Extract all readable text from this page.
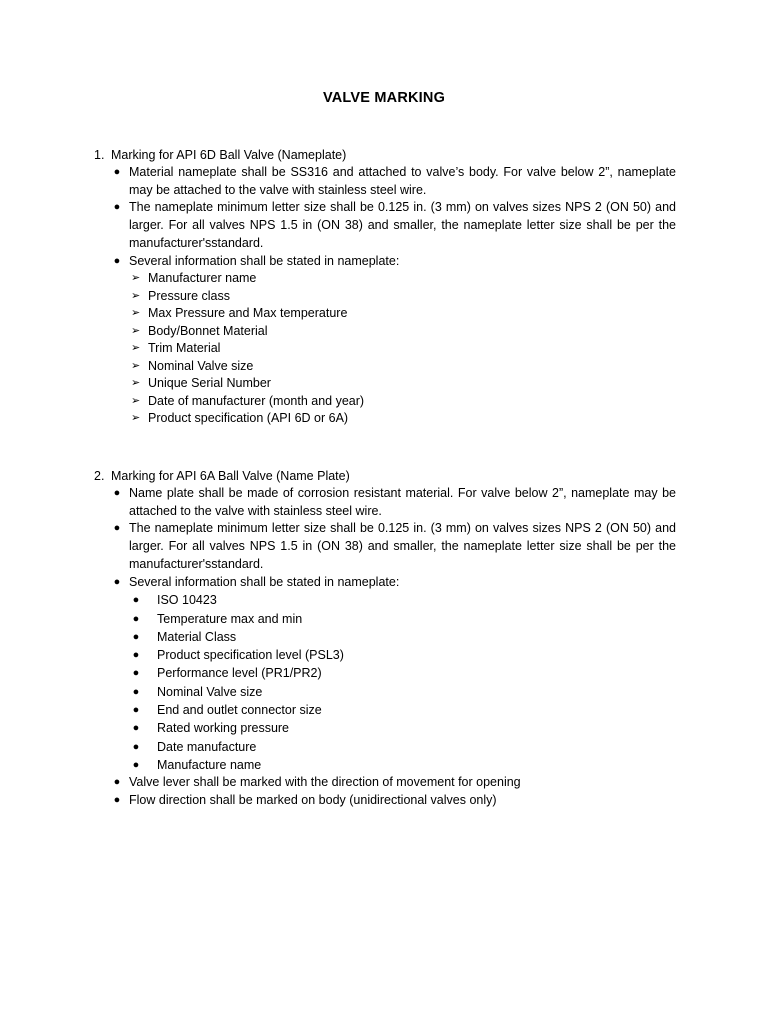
VALVE MARKING
1. Marking for API 6D Ball Valve (Nameplate)
● Material nameplate shall be SS316 and attached to valve’s body. For valve below 2”, nameplate may be attached to the valve with stainless steel wire.
● The nameplate minimum letter size shall be 0.125 in. (3 mm) on valves sizes NPS 2 (ON 50) and larger. For all valves NPS 1.5 in (ON 38) and smaller, the nameplate letter size shall be per the manufacturer'sstandard.
● Several information shall be stated in nameplate:
➢ Manufacturer name
➢ Pressure class
➢ Max Pressure and Max temperature
➢ Body/Bonnet Material
➢ Trim Material
➢ Nominal Valve size
➢ Unique Serial Number
➢ Date of manufacturer (month and year)
➢ Product specification (API 6D or 6A)
2. Marking for API 6A Ball Valve (Name Plate)
● Name plate shall be made of corrosion resistant material. For valve below 2”, nameplate may be attached to the valve with stainless steel wire.
● The nameplate minimum letter size shall be 0.125 in. (3 mm) on valves sizes NPS 2 (ON 50) and larger. For all valves NPS 1.5 in (ON 38) and smaller, the nameplate letter size shall be per the manufacturer'sstandard.
● Several information shall be stated in nameplate:
● ISO 10423
● Temperature max and min
● Material Class
● Product specification level (PSL3)
● Performance level (PR1/PR2)
● Nominal Valve size
● End and outlet connector size
● Rated working pressure
● Date manufacture
● Manufacture name
● Valve lever shall be marked with the direction of movement for opening
● Flow direction shall be marked on body (unidirectional valves only)
